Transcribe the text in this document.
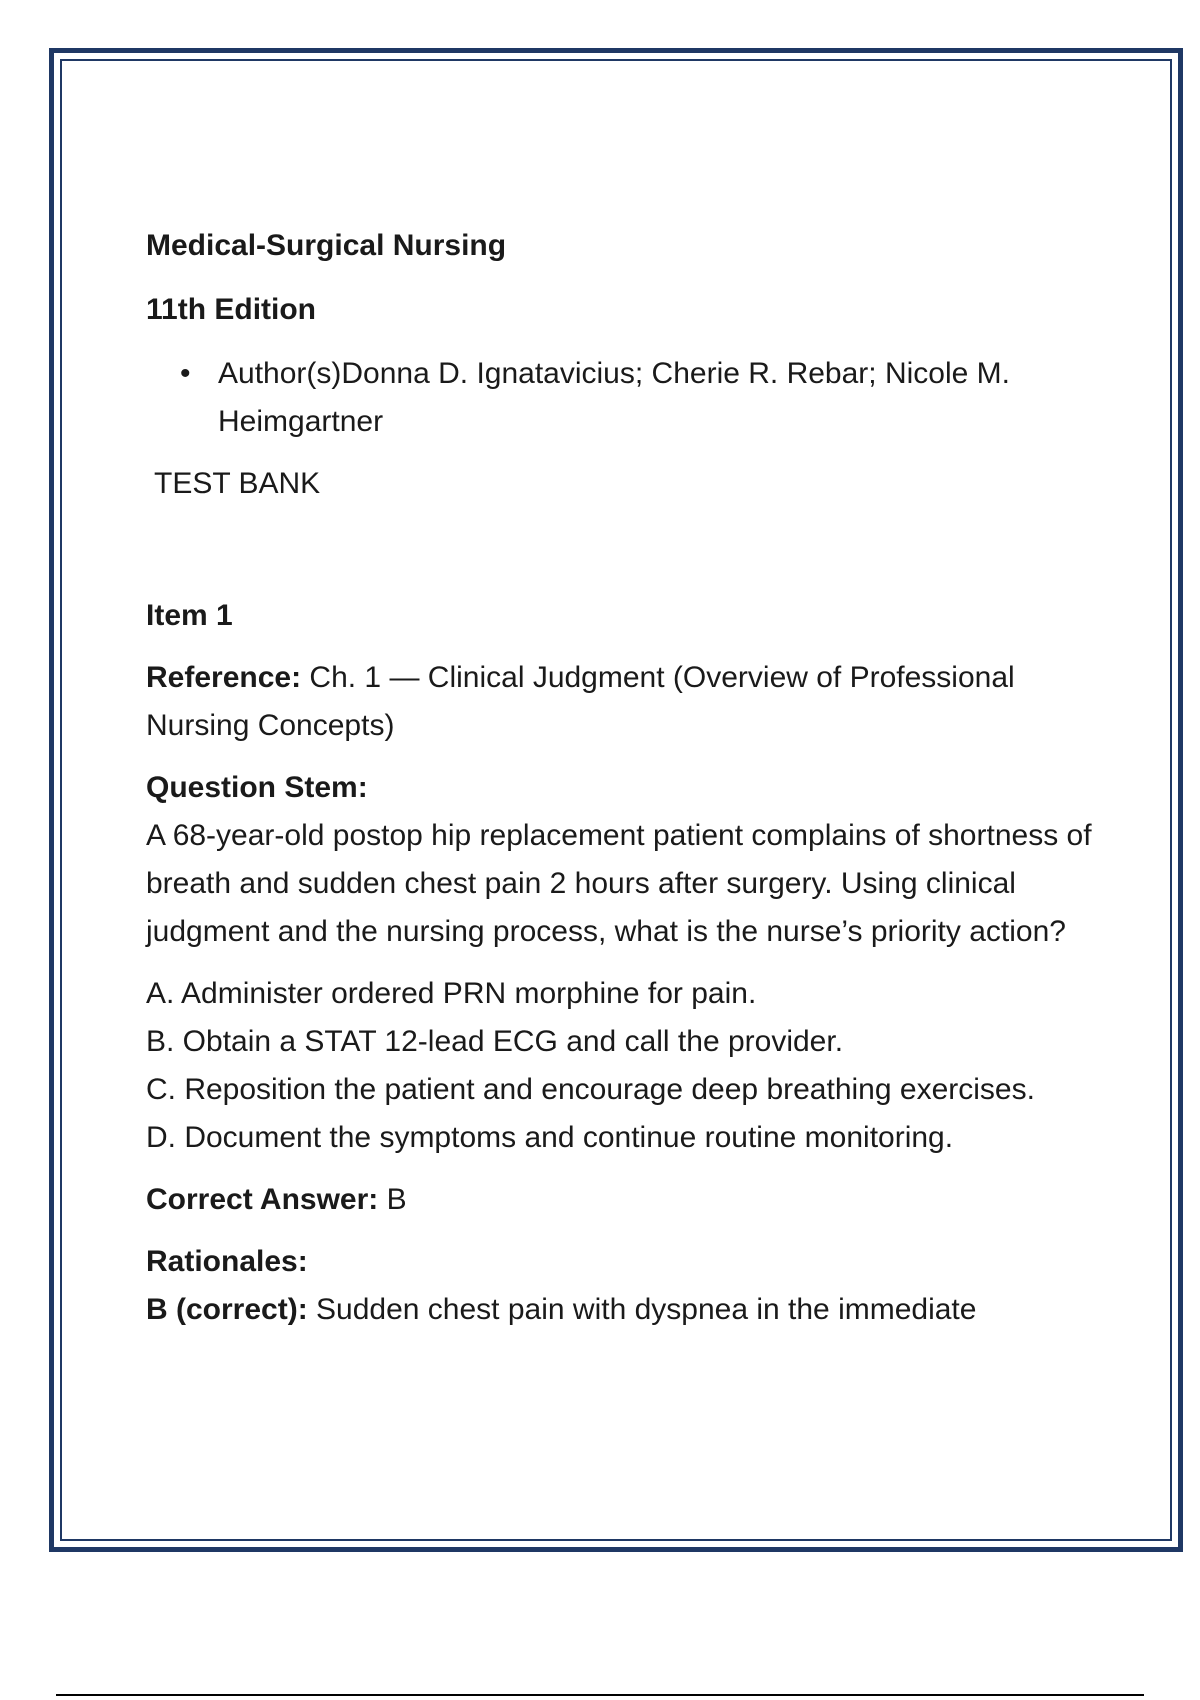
Medical-Surgical Nursing

11th Edition

• Author(s)Donna D. Ignatavicius; Cherie R. Rebar; Nicole M. Heimgartner

TEST BANK

Item 1

Reference: Ch. 1 — Clinical Judgment (Overview of Professional Nursing Concepts)

Question Stem:

A 68-year-old postop hip replacement patient complains of shortness of breath and sudden chest pain 2 hours after surgery. Using clinical judgment and the nursing process, what is the nurse’s priority action?

A. Administer ordered PRN morphine for pain.

B. Obtain a STAT 12-lead ECG and call the provider.

C. Reposition the patient and encourage deep breathing exercises.

D. Document the symptoms and continue routine monitoring.

Correct Answer: B

Rationales:

B (correct): Sudden chest pain with dyspnea in the immediate
